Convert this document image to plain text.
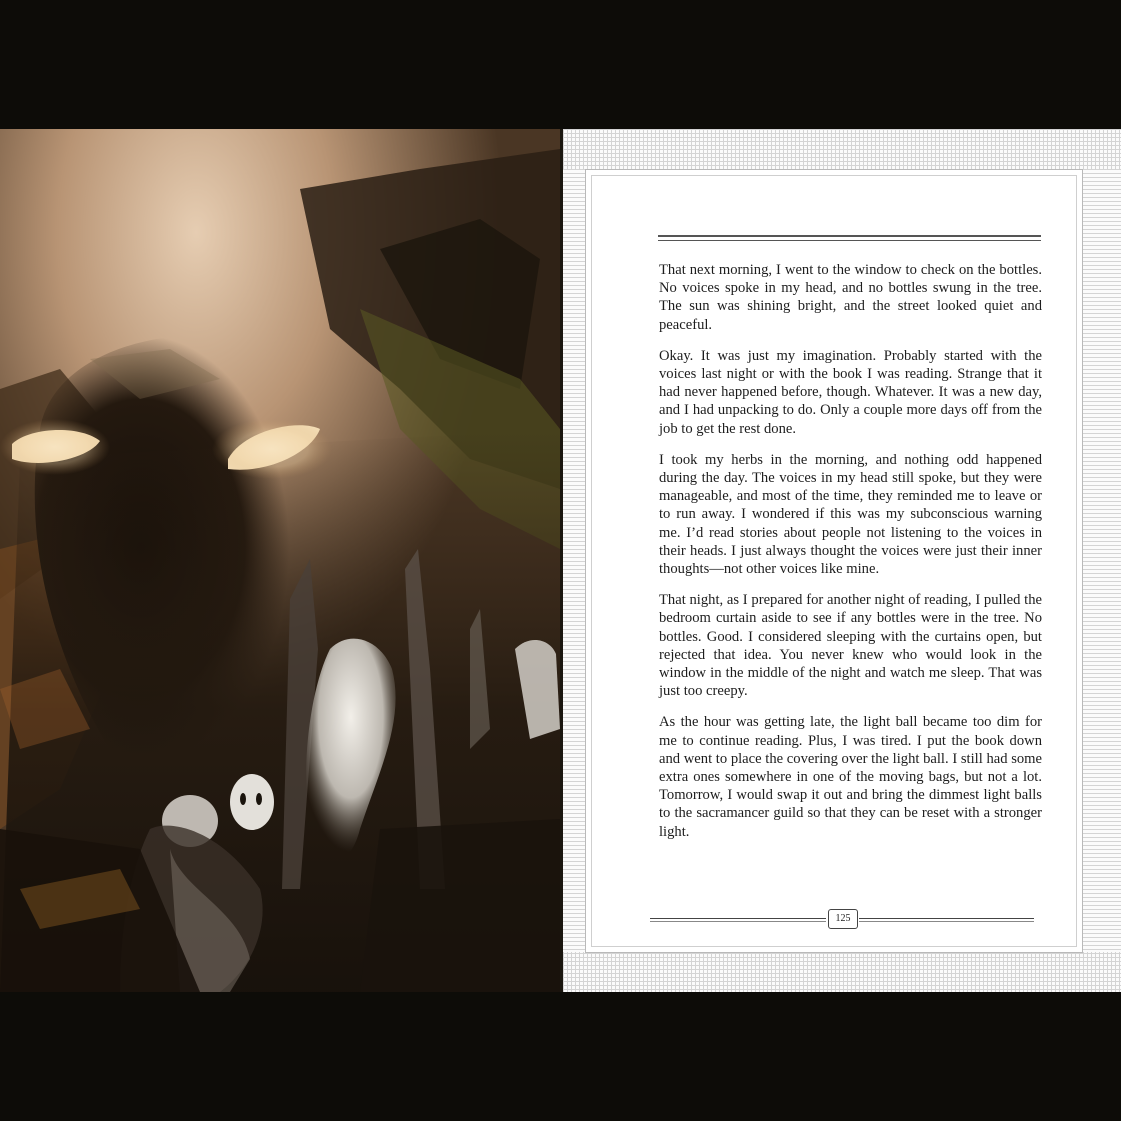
That next morning, I went to the window to check on the bottles. No voices spoke in my head, and no bottles swung in the tree. The sun was shining bright, and the street looked quiet and peaceful.

Okay. It was just my imagination. Probably started with the voices last night or with the book I was reading. Strange that it had never happened before, though. Whatever. It was a new day, and I had unpacking to do. Only a couple more days off from the job to get the rest done.

I took my herbs in the morning, and nothing odd happened during the day. The voices in my head still spoke, but they were manageable, and most of the time, they reminded me to leave or to run away. I wondered if this was my subconscious warning me. I’d read stories about people not listening to the voices in their heads. I just always thought the voices were just their inner thoughts—not other voices like mine.

That night, as I prepared for another night of reading, I pulled the bedroom curtain aside to see if any bottles were in the tree. No bottles. Good. I considered sleeping with the curtains open, but rejected that idea. You never knew who would look in the window in the middle of the night and watch me sleep. That was just too creepy.

As the hour was getting late, the light ball became too dim for me to continue reading. Plus, I was tired. I put the book down and went to place the covering over the light ball. I still had some extra ones somewhere in one of the moving bags, but not a lot. Tomorrow, I would swap it out and bring the dimmest light balls to the sacramancer guild so that they can be reset with a stronger light.

125
